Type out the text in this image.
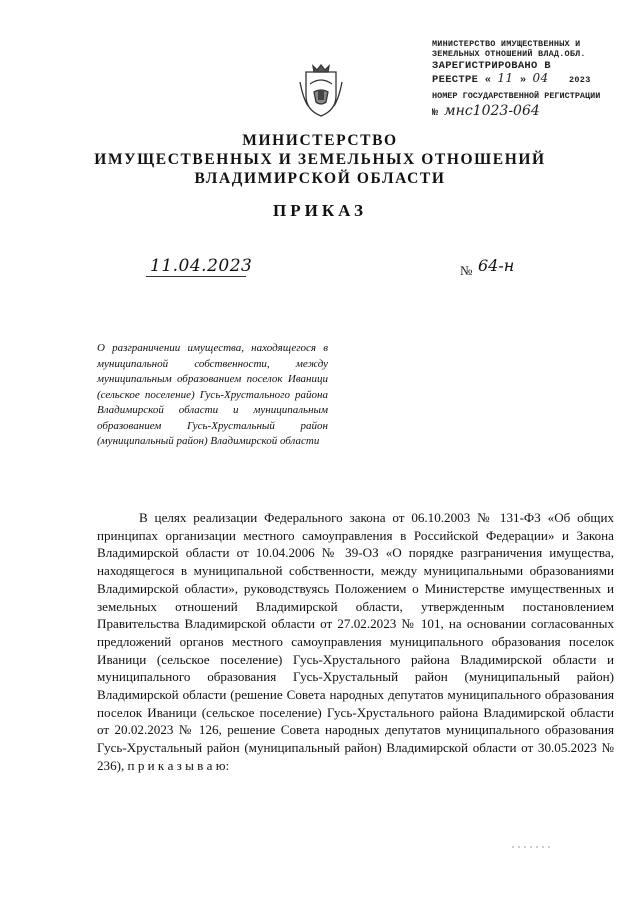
МИНИСТЕРСТВО ИМУЩЕСТВЕННЫХ И
ЗЕМЕЛЬНЫХ ОТНОШЕНИЙ ВЛАД.ОБЛ.
ЗАРЕГИСТРИРОВАНО В
РЕЕСТРЕ « 11 » 04 2023
НОМЕР ГОСУДАРСТВЕННОЙ РЕГИСТРАЦИИ
№ мнс1023-064
МИНИСТЕРСТВО
ИМУЩЕСТВЕННЫХ И ЗЕМЕЛЬНЫХ ОТНОШЕНИЙ
ВЛАДИМИРСКОЙ ОБЛАСТИ
ПРИКАЗ
11.04.2023	№ 64-н
О разграничении имущества, находящегося в муниципальной собственности, между муниципальным образованием поселок Иваници (сельское поселение) Гусь-Хрустального района Владимирской области и муниципальным образованием Гусь-Хрустальный район (муниципальный район) Владимирской области
В целях реализации Федерального закона от 06.10.2003 № 131-ФЗ «Об общих принципах организации местного самоуправления в Российской Федерации» и Закона Владимирской области от 10.04.2006 № 39-ОЗ «О порядке разграничения имущества, находящегося в муниципальной собственности, между муниципальными образованиями Владимирской области», руководствуясь Положением о Министерстве имущественных и земельных отношений Владимирской области, утвержденным постановлением Правительства Владимирской области от 27.02.2023 № 101, на основании согласованных предложений органов местного самоуправления муниципального образования поселок Иваници (сельское поселение) Гусь-Хрустального района Владимирской области и муниципального образования Гусь-Хрустальный район (муниципальный район) Владимирской области (решение Совета народных депутатов муниципального образования поселок Иваници (сельское поселение) Гусь-Хрустального района Владимирской области от 20.02.2023 № 126, решение Совета народных депутатов муниципального образования Гусь-Хрустальный район (муниципальный район) Владимирской области от 30.05.2023 № 236), п р и к а з ы в а ю:
